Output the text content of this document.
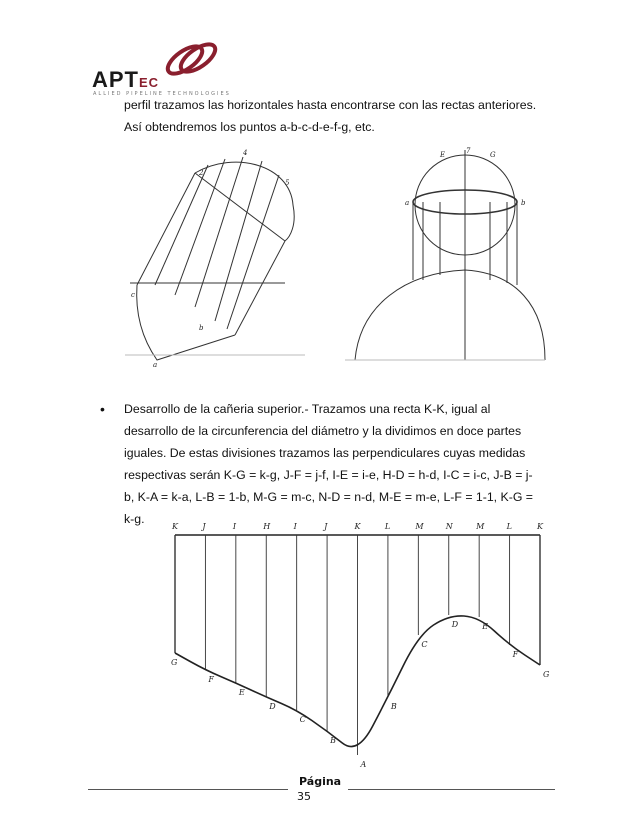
APTEC
ALLIED PIPELINE TECHNOLOGIES
perfil trazamos las horizontales hasta encontrarse con las rectas anteriores.
Así obtendremos los puntos a-b-c-d-e-f-g, etc.
4
5
2
c
a
b
E	7	G
a	b
• Desarrollo de la cañeria superior.- Trazamos una recta K-K, igual al
desarrollo de la circunferencia del diámetro y la dividimos en doce partes
iguales. De estas divisiones trazamos las perpendiculares cuyas medidas
respectivas serán K-G = k-g, J-F = j-f, I-E = i-e, H-D = h-d, I-C = i-c, J-B = j-
b, K-A = k-a, L-B = 1-b, M-G = m-c, N-D = n-d, M-E = m-e, L-F = 1-1, K-G =
k-g.
K	J	I	H	I	J	K	L	M	N	M	L	K
G
F
E
D
C
B
A
B
C
D	E
F
G
Página
35
